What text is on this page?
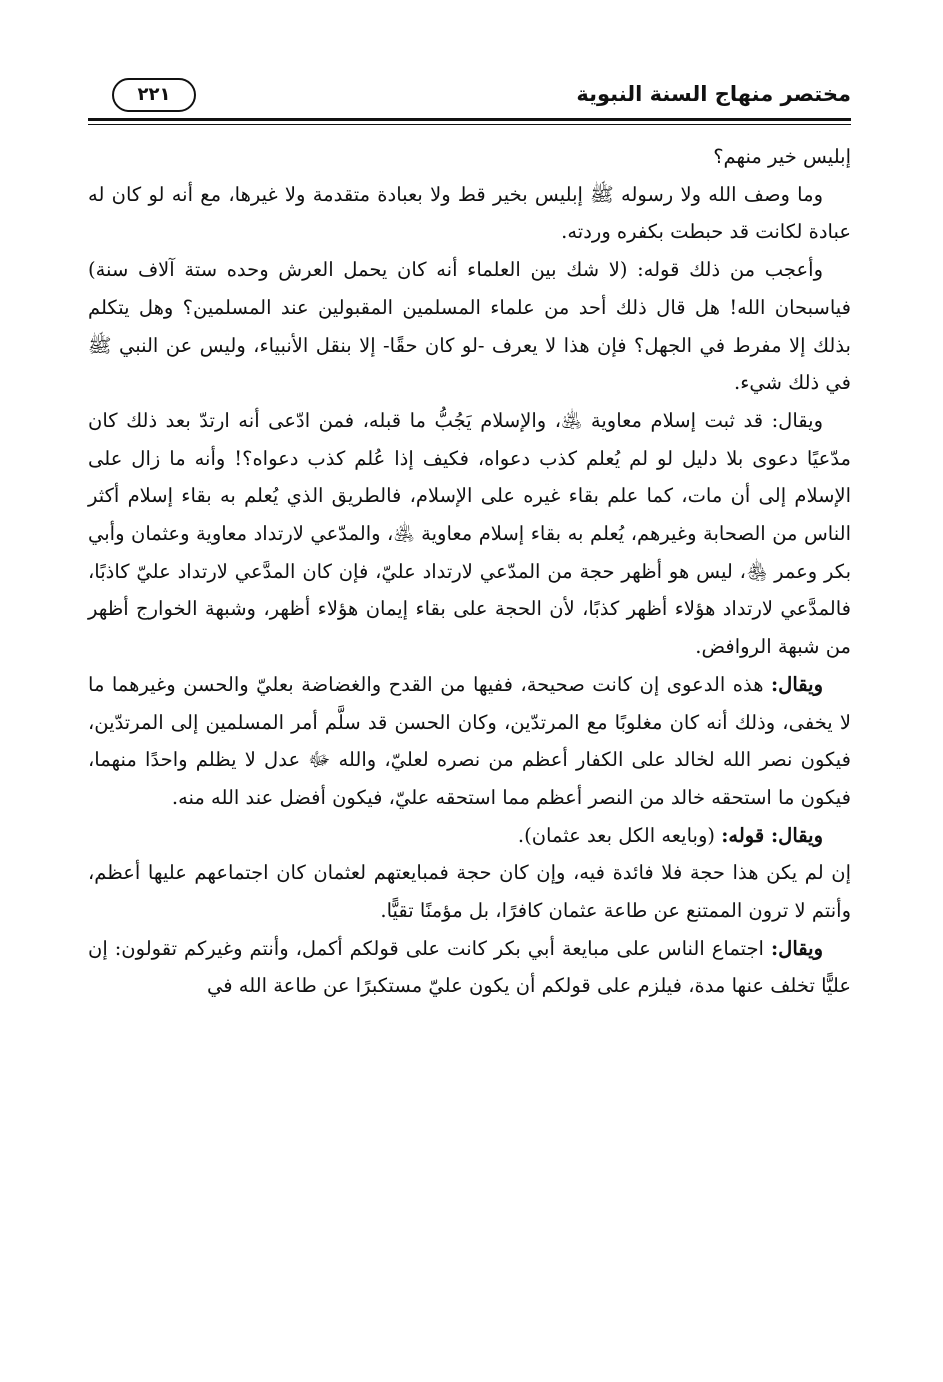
مختصر منهاج السنة النبوية
٢٢١

إبليس خير منهم؟

وما وصف الله ولا رسوله ﷺ إبليس بخير قط ولا بعبادة متقدمة ولا غيرها، مع أنه لو كان له عبادة لكانت قد حبطت بكفره وردته.

وأعجب من ذلك قوله: (لا شك بين العلماء أنه كان يحمل العرش وحده ستة آلاف سنة) فياسبحان الله! هل قال ذلك أحد من علماء المسلمين المقبولين عند المسلمين؟ وهل يتكلم بذلك إلا مفرط في الجهل؟ فإن هذا لا يعرف -لو كان حقًا- إلا بنقل الأنبياء، وليس عن النبي ﷺ في ذلك شيء.

ويقال: قد ثبت إسلام معاوية ﵁، والإسلام يَجُبُّ ما قبله، فمن ادّعى أنه ارتدّ بعد ذلك كان مدّعيًا دعوى بلا دليل لو لم يُعلم كذب دعواه، فكيف إذا عُلم كذب دعواه؟! وأنه ما زال على الإسلام إلى أن مات، كما علم بقاء غيره على الإسلام، فالطريق الذي يُعلم به بقاء إسلام أكثر الناس من الصحابة وغيرهم، يُعلم به بقاء إسلام معاوية ﵁، والمدّعي لارتداد معاوية وعثمان وأبي بكر وعمر ﵃، ليس هو أظهر حجة من المدّعي لارتداد عليّ، فإن كان المدَّعي لارتداد عليّ كاذبًا، فالمدَّعي لارتداد هؤلاء أظهر كذبًا، لأن الحجة على بقاء إيمان هؤلاء أظهر، وشبهة الخوارج أظهر من شبهة الروافض.

ويقال: هذه الدعوى إن كانت صحيحة، ففيها من القدح والغضاضة بعليّ والحسن وغيرهما ما لا يخفى، وذلك أنه كان مغلوبًا مع المرتدّين، وكان الحسن قد سلَّم أمر المسلمين إلى المرتدّين، فيكون نصر الله لخالد على الكفار أعظم من نصره لعليّ، والله ﷻ عدل لا يظلم واحدًا منهما، فيكون ما استحقه خالد من النصر أعظم مما استحقه عليّ، فيكون أفضل عند الله منه.

ويقال: قوله: (وبايعه الكل بعد عثمان).

إن لم يكن هذا حجة فلا فائدة فيه، وإن كان حجة فمبايعتهم لعثمان كان اجتماعهم عليها أعظم، وأنتم لا ترون الممتنع عن طاعة عثمان كافرًا، بل مؤمنًا تقيًّا.

ويقال: اجتماع الناس على مبايعة أبي بكر كانت على قولكم أكمل، وأنتم وغيركم تقولون: إن عليًّا تخلف عنها مدة، فيلزم على قولكم أن يكون عليّ مستكبرًا عن طاعة الله في
